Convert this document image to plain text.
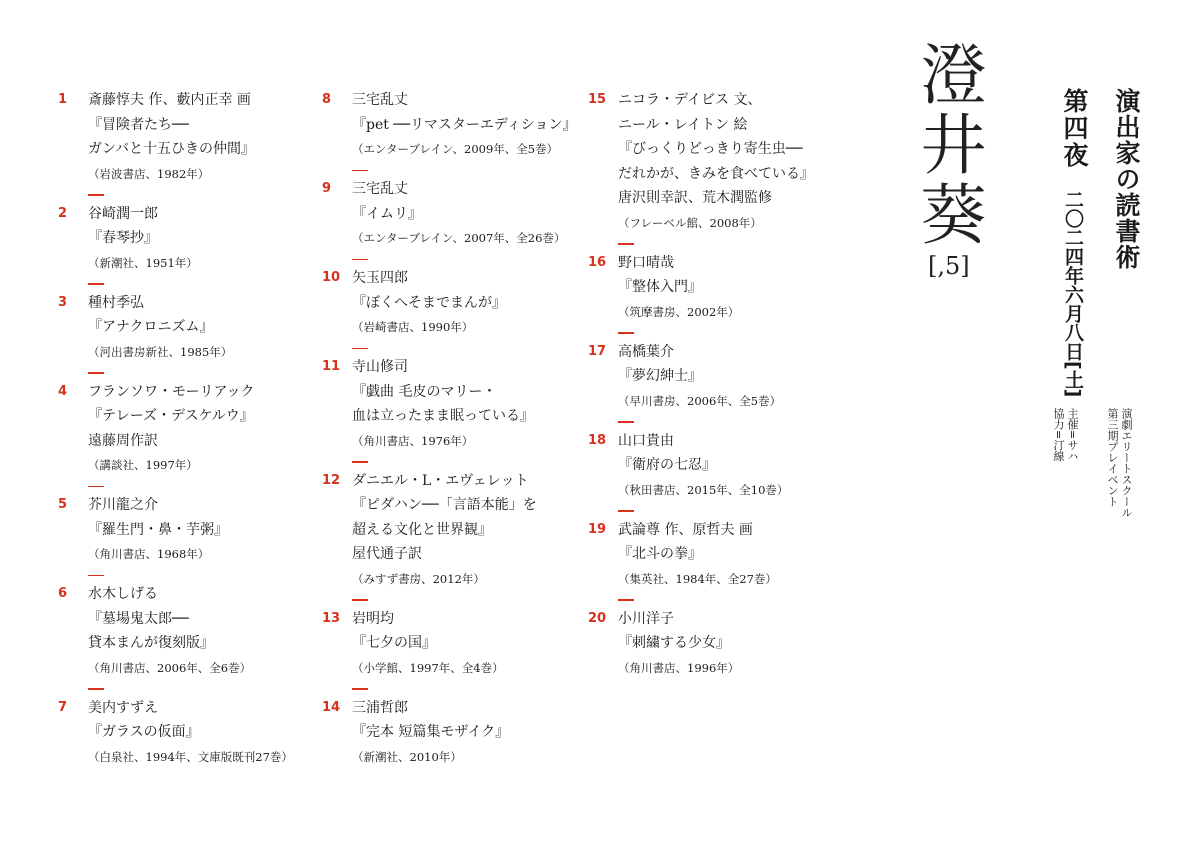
1	斎藤惇夫 作、藪内正幸 画
『冒険者たち──
ガンバと十五ひきの仲間』
（岩波書店、1982年）
2	谷崎潤一郎
『春琴抄』
（新潮社、1951年）
3	種村季弘
『アナクロニズム』
（河出書房新社、1985年）
4	フランソワ・モーリアック
『テレーズ・デスケルウ』
遠藤周作訳
（講談社、1997年）
5	芥川龍之介
『羅生門・鼻・芋粥』
（角川書店、1968年）
6	水木しげる
『墓場鬼太郎──
貸本まんが復刻版』
（角川書店、2006年、全6巻）
7	美内すずえ
『ガラスの仮面』
（白泉社、1994年、文庫版既刊27巻）
8	三宅乱丈
『pet ──リマスターエディション』
（エンターブレイン、2009年、全5巻）
9	三宅乱丈
『イムリ』
（エンターブレイン、2007年、全26巻）
10 矢玉四郎
『ぼくへそまでまんが』
（岩崎書店、1990年）
11 寺山修司
『戯曲 毛皮のマリー・
血は立ったまま眠っている』
（角川書店、1976年）
12 ダニエル・L・エヴェレット
『ピダハン──「言語本能」を
超える文化と世界観』
屋代通子訳
（みすず書房、2012年）
13 岩明均
『七夕の国』
（小学館、1997年、全4巻）
14 三浦哲郎
『完本 短篇集モザイク』
（新潮社、2010年）
15 ニコラ・デイビス 文、
ニール・レイトン 絵
『びっくりどっきり寄生虫──
だれかが、きみを食べている』
唐沢則幸訳、荒木潤監修
（フレーベル館、2008年）
16 野口晴哉
『整体入門』
（筑摩書房、2002年）
17 高橋葉介
『夢幻紳士』
（早川書房、2006年、全5巻）
18 山口貴由
『衛府の七忍』
（秋田書店、2015年、全10巻）
19 武論尊 作、原哲夫 画
『北斗の拳』
（集英社、1984年、全27巻）
20 小川洋子
『刺繍する少女』
（角川書店、1996年）
澄井葵
[,5]	演出家の読書術
第四夜
二〇二四年六月八日[土]
演劇エリートスクール
第三期プレイベント
主催=サハ
協力=汀線
